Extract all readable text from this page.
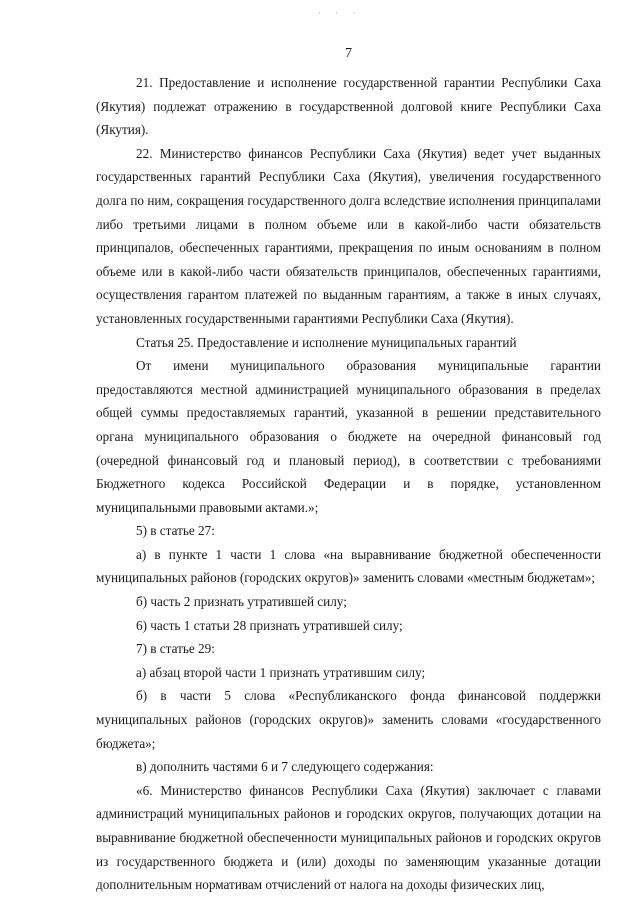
· · ·
7

21. Предоставление и исполнение государственной гарантии Республики Саха (Якутия) подлежат отражению в государственной долговой книге Республики Саха (Якутия).

22. Министерство финансов Республики Саха (Якутия) ведет учет выданных государственных гарантий Республики Саха (Якутия), увеличения государственного долга по ним, сокращения государственного долга вследствие исполнения принципалами либо третьими лицами в полном объеме или в какой-либо части обязательств принципалов, обеспеченных гарантиями, прекращения по иным основаниям в полном объеме или в какой-либо части обязательств принципалов, обеспеченных гарантиями, осуществления гарантом платежей по выданным гарантиям, а также в иных случаях, установленных государственными гарантиями Республики Саха (Якутия).

Статья 25. Предоставление и исполнение муниципальных гарантий

От имени муниципального образования муниципальные гарантии предоставляются местной администрацией муниципального образования в пределах общей суммы предоставляемых гарантий, указанной в решении представительного органа муниципального образования о бюджете на очередной финансовый год (очередной финансовый год и плановый период), в соответствии с требованиями Бюджетного кодекса Российской Федерации и в порядке, установленном муниципальными правовыми актами.»;

5) в статье 27:

а) в пункте 1 части 1 слова «на выравнивание бюджетной обеспеченности муниципальных районов (городских округов)» заменить словами «местным бюджетам»;

б) часть 2 признать утратившей силу;

6) часть 1 статьи 28 признать утратившей силу;

7) в статье 29:

а) абзац второй части 1 признать утратившим силу;

б) в части 5 слова «Республиканского фонда финансовой поддержки муниципальных районов (городских округов)» заменить словами «государственного бюджета»;

в) дополнить частями 6 и 7 следующего содержания:

«6. Министерство финансов Республики Саха (Якутия) заключает с главами администраций муниципальных районов и городских округов, получающих дотации на выравнивание бюджетной обеспеченности муниципальных районов и городских округов из государственного бюджета и (или) доходы по заменяющим указанные дотации дополнительным нормативам отчислений от налога на доходы физических лиц,
